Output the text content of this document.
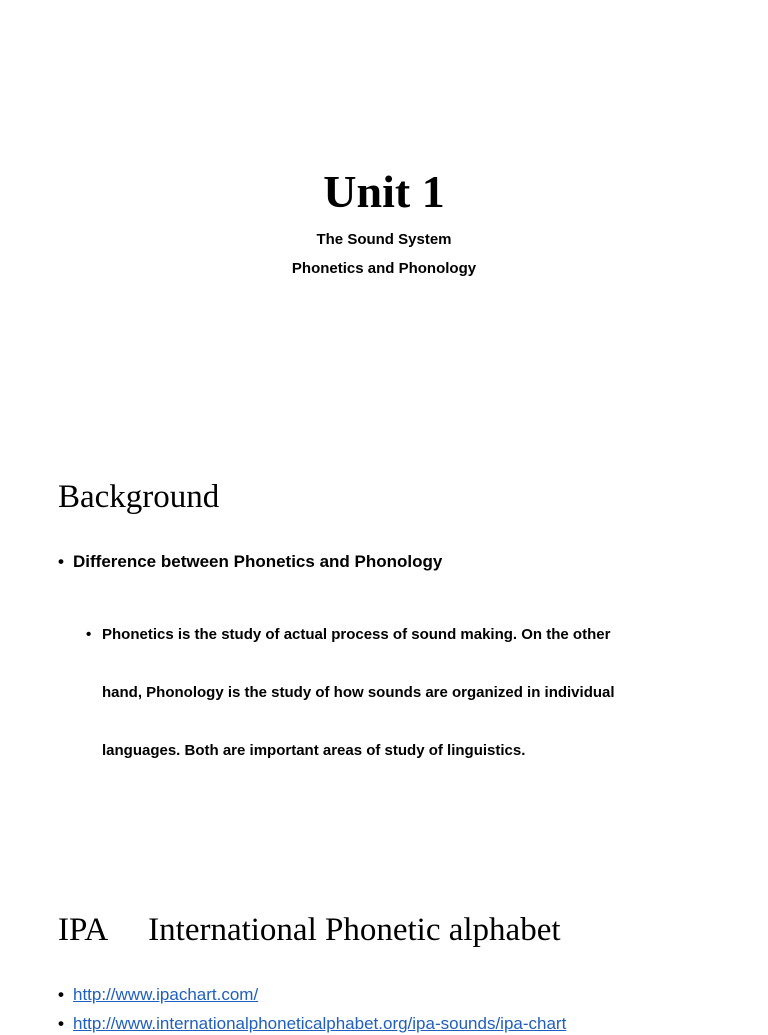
Unit 1
The Sound System
Phonetics and Phonology
Background
• Difference between Phonetics and Phonology
• Phonetics is the study of actual process of sound making. On the other
hand, Phonology is the study of how sounds are organized in individual
languages. Both are important areas of study of linguistics.
IPA International Phonetic alphabet
• http://www.ipachart.com/
• http://www.internationalphoneticalphabet.org/ipa-sounds/ipa-chart
